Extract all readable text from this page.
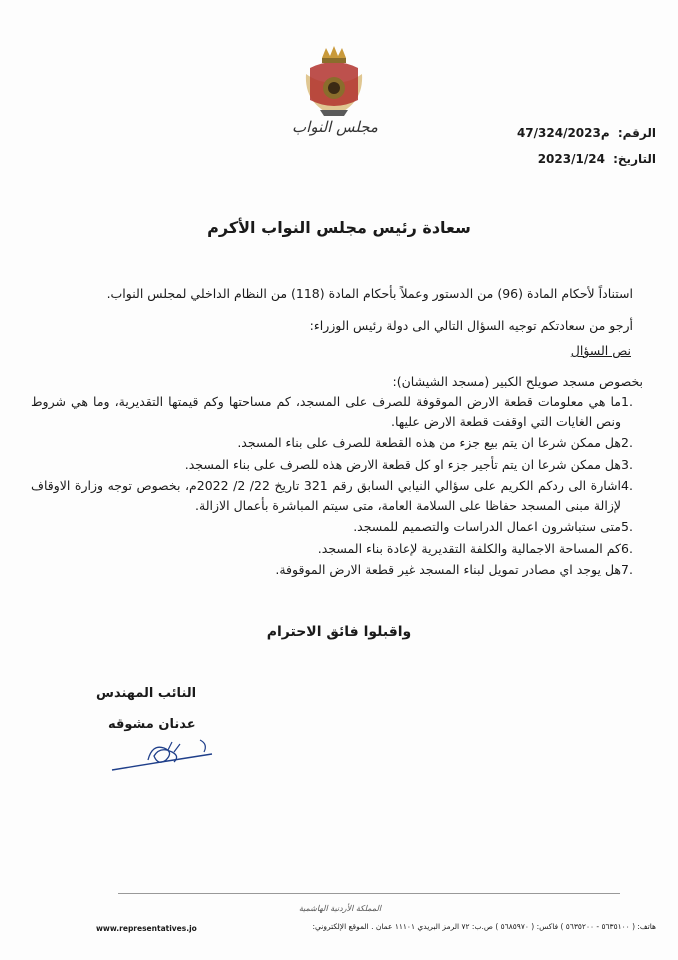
مجلس النواب	الرقم: م47/324/2023
التاريخ: 2023/1/24
سعادة رئيس مجلس النواب الأكرم

استناداً لأحكام المادة (96) من الدستور وعملاً بأحكام المادة (118) من النظام الداخلي لمجلس النواب.

أرجو من سعادتكم توجيه السؤال التالي الى دولة رئيس الوزراء:

نص السؤال
بخصوص مسجد صويلح الكبير (مسجد الشيشان):
1.
ما هي معلومات قطعة الارض الموقوفة للصرف على المسجد، كم مساحتها وكم قيمتها التقديرية، وما هي شروط ونص الغايات التي اوقفت قطعة الارض عليها.
2.
هل ممكن شرعا ان يتم بيع جزء من هذه القطعة للصرف على بناء المسجد.
3.
هل ممكن شرعا ان يتم تأجير جزء او كل قطعة الارض هذه للصرف على بناء المسجد.
4.
اشارة الى ردكم الكريم على سؤالي النيابي السابق رقم 321 تاريخ 22/ 2/ 2022م، بخصوص توجه وزارة الاوقاف لإزالة مبنى المسجد حفاظا على السلامة العامة، متى سيتم المباشرة بأعمال الازالة.
5.
متى ستباشرون اعمال الدراسات والتصميم للمسجد.
6.
كم المساحة الاجمالية والكلفة التقديرية لإعادة بناء المسجد.
7.
هل يوجد اي مصادر تمويل لبناء المسجد غير قطعة الارض الموقوفة.
واقبلوا فائق الاحترام
النائب المهندس
عدنان مشوقه
المملكة الأردنية الهاشمية
هاتف: ( ٥٦٣٥١٠٠ - ٥٦٣٥٢٠٠ ) فاكس: ( ٥٦٨٥٩٧٠ ) ص.ب: ٧٢ الرمز البريدي ١١١٠١ عمان . الموقع الإلكتروني:
www.representatives.jo
